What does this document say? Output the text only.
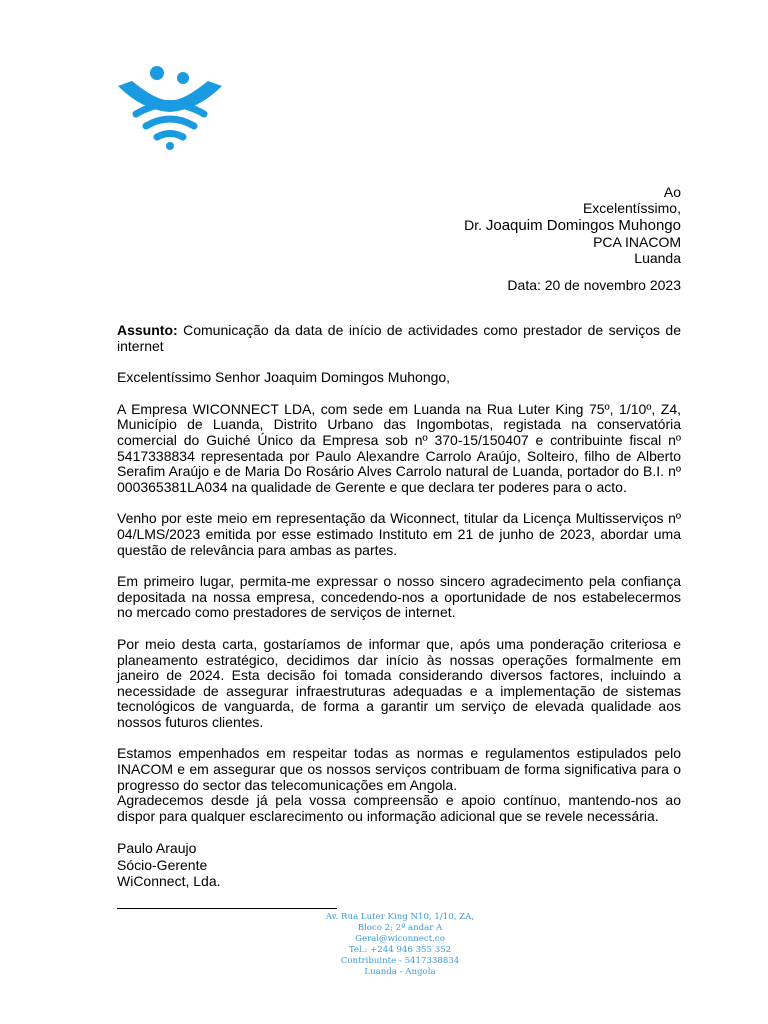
Ao
Excelentíssimo,
Dr. Joaquim Domingos Muhongo
PCA INACOM
Luanda
Data: 20 de novembro 2023

Assunto: Comunicação da data de início de actividades como prestador de serviços de internet

Excelentíssimo Senhor Joaquim Domingos Muhongo,

A Empresa WICONNECT LDA, com sede em Luanda na Rua Luter King 75º, 1/10º, Z4, Município de Luanda, Distrito Urbano das Ingombotas, registada na conservatória comercial do Guiché Único da Empresa sob nº 370-15/150407 e contribuinte fiscal nº 5417338834 representada por Paulo Alexandre Carrolo Araújo, Solteiro, filho de Alberto Serafim Araújo e de Maria Do Rosário Alves Carrolo natural de Luanda, portador do B.I. nº 000365381LA034 na qualidade de Gerente e que declara ter poderes para o acto.

Venho por este meio em representação da Wiconnect, titular da Licença Multisserviços nº 04/LMS/2023 emitida por esse estimado Instituto em 21 de junho de 2023, abordar uma questão de relevância para ambas as partes.

Em primeiro lugar, permita-me expressar o nosso sincero agradecimento pela confiança depositada na nossa empresa, concedendo-nos a oportunidade de nos estabelecermos no mercado como prestadores de serviços de internet.

Por meio desta carta, gostaríamos de informar que, após uma ponderação criteriosa e planeamento estratégico, decidimos dar início às nossas operações formalmente em janeiro de 2024. Esta decisão foi tomada considerando diversos factores, incluindo a necessidade de assegurar infraestruturas adequadas e a implementação de sistemas tecnológicos de vanguarda, de forma a garantir um serviço de elevada qualidade aos nossos futuros clientes.

Estamos empenhados em respeitar todas as normas e regulamentos estipulados pelo INACOM e em assegurar que os nossos serviços contribuam de forma significativa para o progresso do sector das telecomunicações em Angola.

Agradecemos desde já pela vossa compreensão e apoio contínuo, mantendo-nos ao dispor para qualquer esclarecimento ou informação adicional que se revele necessária.

Paulo Araujo
Sócio-Gerente
WiConnect, Lda.
Av. Rua Luter King N10, 1/10, ZA,
Bloco 2; 2º andar A
Geral@wiconnect.co
Tel.: +244 946 355 352
Contribuinte - 5417338834
Luanda - Angola
